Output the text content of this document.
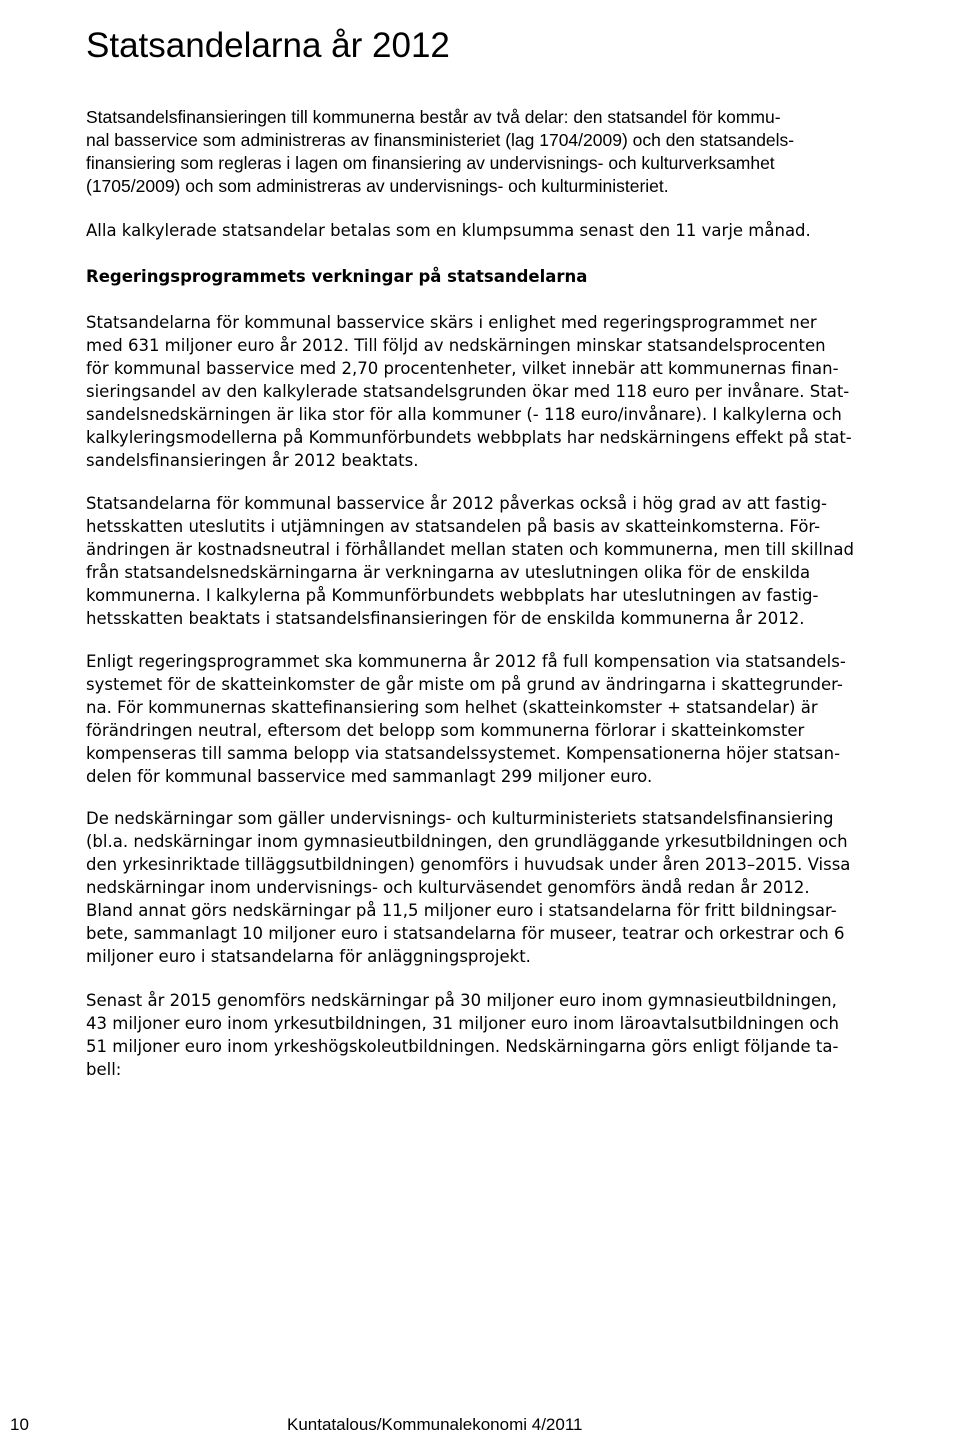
Statsandelarna år 2012
Statsandelsfinansieringen till kommunerna består av två delar: den statsandel för kommu-
nal basservice som administreras av finansministeriet (lag 1704/2009) och den statsandels-
finansiering som regleras i lagen om finansiering av undervisnings- och kulturverksamhet
(1705/2009) och som administreras av undervisnings- och kulturministeriet.
Alla kalkylerade statsandelar betalas som en klumpsumma senast den 11 varje månad.
Regeringsprogrammets verkningar på statsandelarna
Statsandelarna för kommunal basservice skärs i enlighet med regeringsprogrammet ner
med 631 miljoner euro år 2012. Till följd av nedskärningen minskar statsandelsprocenten
för kommunal basservice med 2,70 procentenheter, vilket innebär att kommunernas finan-
sieringsandel av den kalkylerade statsandelsgrunden ökar med 118 euro per invånare. Stat-
sandelsnedskärningen är lika stor för alla kommuner (- 118 euro/invånare). I kalkylerna och
kalkyleringsmodellerna på Kommunförbundets webbplats har nedskärningens effekt på stat-
sandelsfinansieringen år 2012 beaktats.
Statsandelarna för kommunal basservice år 2012 påverkas också i hög grad av att fastig-
hetsskatten uteslutits i utjämningen av statsandelen på basis av skatteinkomsterna. För-
ändringen är kostnadsneutral i förhållandet mellan staten och kommunerna, men till skillnad
från statsandelsnedskärningarna är verkningarna av uteslutningen olika för de enskilda
kommunerna. I kalkylerna på Kommunförbundets webbplats har uteslutningen av fastig-
hetsskatten beaktats i statsandelsfinansieringen för de enskilda kommunerna år 2012.
Enligt regeringsprogrammet ska kommunerna år 2012 få full kompensation via statsandels-
systemet för de skatteinkomster de går miste om på grund av ändringarna i skattegrunder-
na. För kommunernas skattefinansiering som helhet (skatteinkomster + statsandelar) är
förändringen neutral, eftersom det belopp som kommunerna förlorar i skatteinkomster
kompenseras till samma belopp via statsandelssystemet. Kompensationerna höjer statsan-
delen för kommunal basservice med sammanlagt 299 miljoner euro.
De nedskärningar som gäller undervisnings- och kulturministeriets statsandelsfinansiering
(bl.a. nedskärningar inom gymnasieutbildningen, den grundläggande yrkesutbildningen och
den yrkesinriktade tilläggsutbildningen) genomförs i huvudsak under åren 2013–2015. Vissa
nedskärningar inom undervisnings- och kulturväsendet genomförs ändå redan år 2012.
Bland annat görs nedskärningar på 11,5 miljoner euro i statsandelarna för fritt bildningsar-
bete, sammanlagt 10 miljoner euro i statsandelarna för museer, teatrar och orkestrar och 6
miljoner euro i statsandelarna för anläggningsprojekt.
Senast år 2015 genomförs nedskärningar på 30 miljoner euro inom gymnasieutbildningen,
43 miljoner euro inom yrkesutbildningen, 31 miljoner euro inom läroavtalsutbildningen och
51 miljoner euro inom yrkeshögskoleutbildningen. Nedskärningarna görs enligt följande ta-
bell:
10	Kuntatalous/Kommunalekonomi 4/2011
